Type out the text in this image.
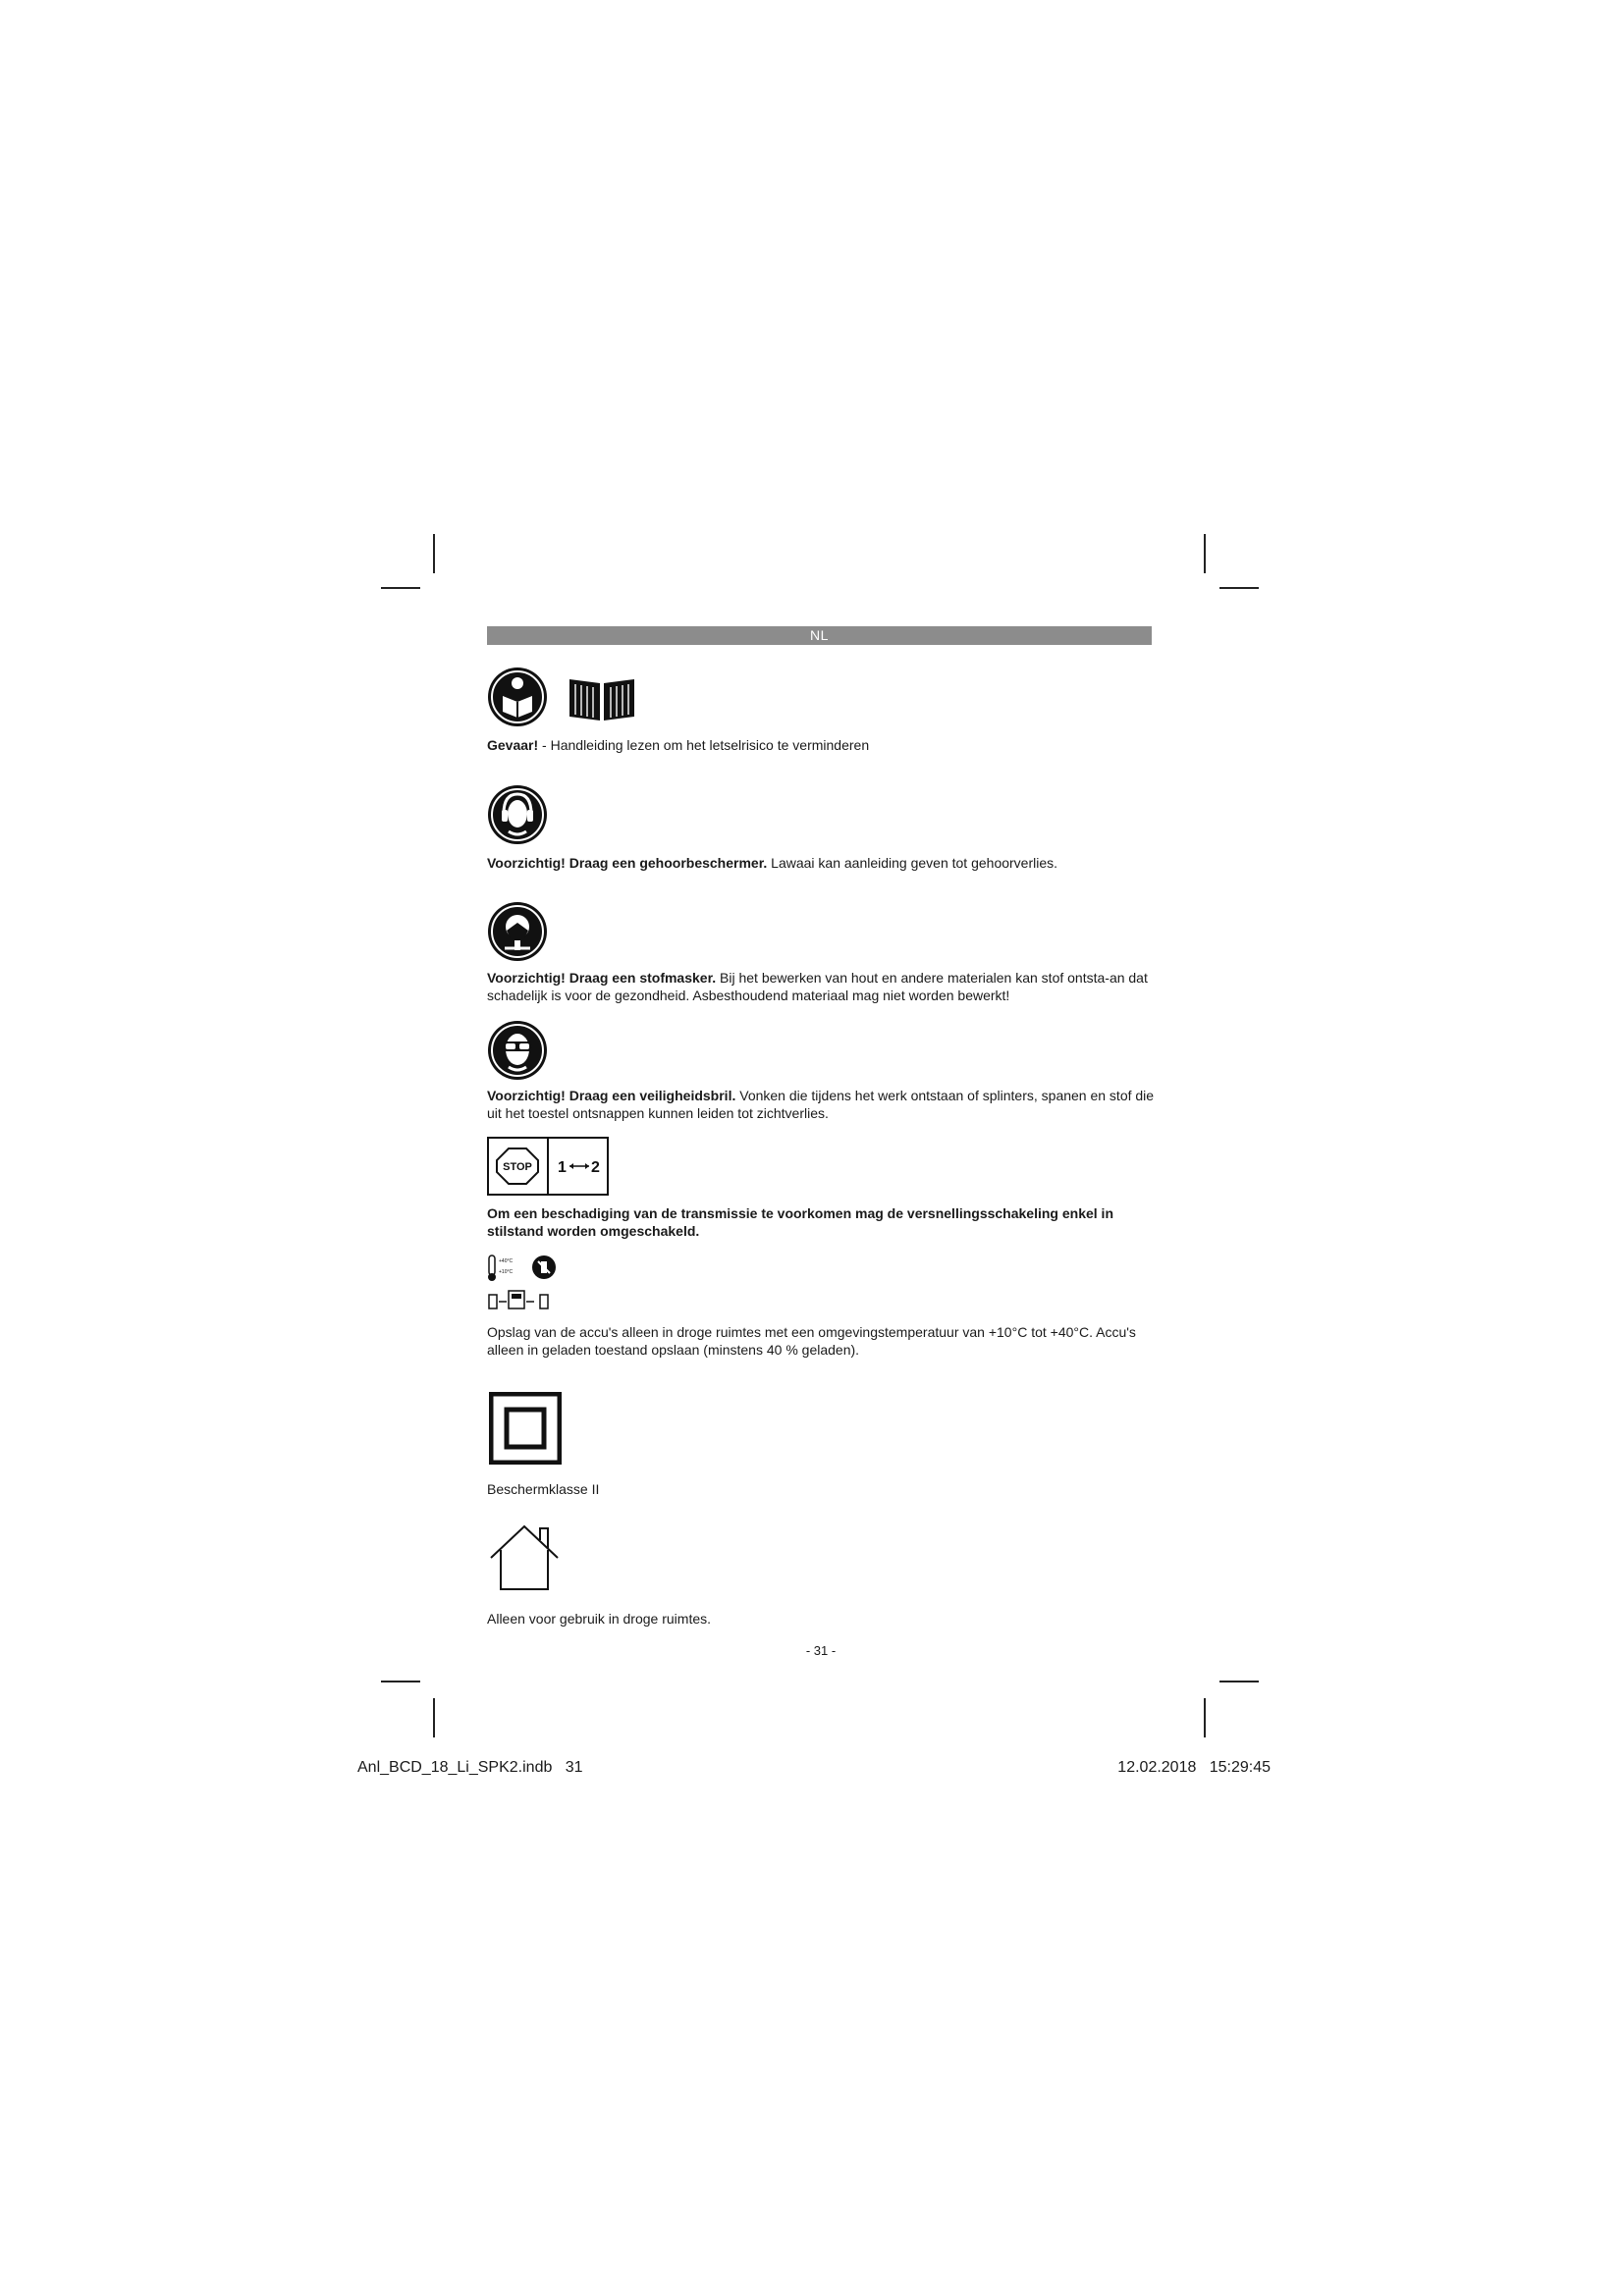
NL
Gevaar! - Handleiding lezen om het letselrisico te verminderen
Voorzichtig! Draag een gehoorbeschermer. Lawaai kan aanleiding geven tot gehoorverlies.
Voorzichtig! Draag een stofmasker. Bij het bewerken van hout en andere materialen kan stof ontsta-an dat schadelijk is voor de gezondheid. Asbesthoudend materiaal mag niet worden bewerkt!
Voorzichtig! Draag een veiligheidsbril. Vonken die tijdens het werk ontstaan of splinters, spanen en stof die uit het toestel ontsnappen kunnen leiden tot zichtverlies.
STOP 1 2
Om een beschadiging van de transmissie te voorkomen mag de versnellingsschakeling enkel in stilstand worden omgeschakeld.
+40°C
+10°C
Opslag van de accu's alleen in droge ruimtes met een omgevingstemperatuur van +10°C tot +40°C. Accu's alleen in geladen toestand opslaan (minstens 40 % geladen).
Beschermklasse II
Alleen voor gebruik in droge ruimtes.
- 31 -
Anl_BCD_18_Li_SPK2.indb   31	12.02.2018   15:29:45
